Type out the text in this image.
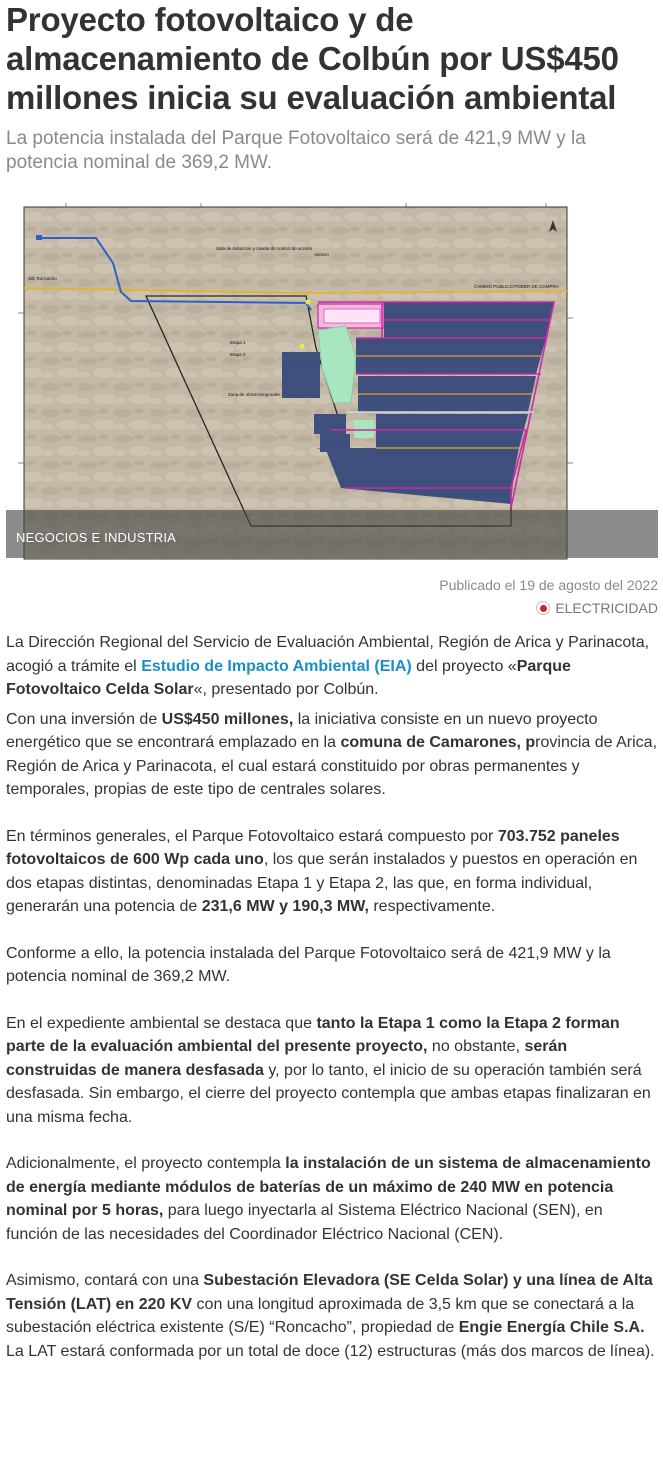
Proyecto fotovoltaico y de almacenamiento de Colbún por US$450 millones inicia su evaluación ambiental

La potencia instalada del Parque Fotovoltaico será de 421,9 MW y la potencia nominal de 369,2 MW.

Sala de inducción y caseta de control de acceso
Acceso
S/E Roncacho
CAMINO PÚBLICO PODER DE COMPRA
Etapa 1
Etapa 2
Zona de obras temporales
NEGOCIOS E INDUSTRIA
Publicado el 19 de agosto del 2022
ELECTRICIDAD

La Dirección Regional del Servicio de Evaluación Ambiental, Región de Arica y Parinacota, acogió a trámite el Estudio de Impacto Ambiental (EIA) del proyecto «Parque Fotovoltaico Celda Solar«, presentado por Colbún.

Con una inversión de US$450 millones, la iniciativa consiste en un nuevo proyecto energético que se encontrará emplazado en la comuna de Camarones, provincia de Arica, Región de Arica y Parinacota, el cual estará constituido por obras permanentes y temporales, propias de este tipo de centrales solares.

En términos generales, el Parque Fotovoltaico estará compuesto por 703.752 paneles fotovoltaicos de 600 Wp cada uno, los que serán instalados y puestos en operación en dos etapas distintas, denominadas Etapa 1 y Etapa 2, las que, en forma individual, generarán una potencia de 231,6 MW y 190,3 MW, respectivamente.

Conforme a ello, la potencia instalada del Parque Fotovoltaico será de 421,9 MW y la potencia nominal de 369,2 MW.

En el expediente ambiental se destaca que tanto la Etapa 1 como la Etapa 2 forman parte de la evaluación ambiental del presente proyecto, no obstante, serán construidas de manera desfasada y, por lo tanto, el inicio de su operación también será desfasada. Sin embargo, el cierre del proyecto contempla que ambas etapas finalizaran en una misma fecha.

Adicionalmente, el proyecto contempla la instalación de un sistema de almacenamiento de energía mediante módulos de baterías de un máximo de 240 MW en potencia nominal por 5 horas, para luego inyectarla al Sistema Eléctrico Nacional (SEN), en función de las necesidades del Coordinador Eléctrico Nacional (CEN).

Asimismo, contará con una Subestación Elevadora (SE Celda Solar) y una línea de Alta Tensión (LAT) en 220 KV con una longitud aproximada de 3,5 km que se conectará a la subestación eléctrica existente (S/E) “Roncacho”, propiedad de Engie Energía Chile S.A. La LAT estará conformada por un total de doce (12) estructuras (más dos marcos de línea).
